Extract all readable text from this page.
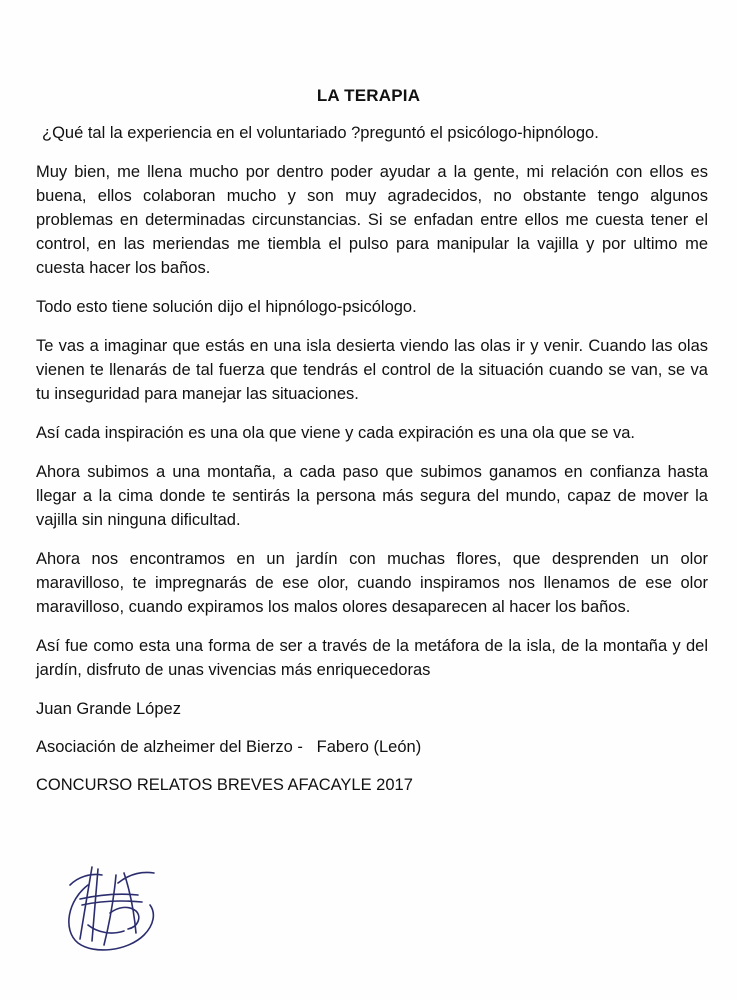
LA TERAPIA

¿Qué tal la experiencia en el voluntariado ?preguntó el psicólogo-hipnólogo.

Muy bien, me llena mucho por dentro poder ayudar a la gente, mi relación con ellos es buena, ellos colaboran mucho y son muy agradecidos, no obstante tengo algunos problemas en determinadas circunstancias. Si se enfadan entre ellos me cuesta tener el control, en las meriendas me tiembla el pulso para manipular la vajilla y por ultimo me cuesta hacer los baños.

Todo esto tiene solución dijo el hipnólogo-psicólogo.

Te vas a imaginar que estás en una isla desierta viendo las olas ir y venir. Cuando las olas vienen te llenarás de tal fuerza que tendrás el control de la situación cuando se van, se va tu inseguridad para manejar las situaciones.

Así cada inspiración es una ola que viene y cada expiración es una ola que se va.

Ahora subimos a una montaña, a cada paso que subimos ganamos en confianza hasta llegar a la cima donde te sentirás la persona más segura del mundo, capaz de mover la vajilla sin ninguna dificultad.

Ahora nos encontramos en un jardín con muchas flores, que desprenden un olor maravilloso, te impregnarás de ese olor, cuando inspiramos nos llenamos de ese olor maravilloso, cuando expiramos los malos olores desaparecen al hacer los baños.

Así fue como esta una forma de ser a través de la metáfora de la isla, de la montaña y del jardín, disfruto de unas vivencias más enriquecedoras

Juan Grande López

Asociación de alzheimer del Bierzo -   Fabero (León)

CONCURSO RELATOS BREVES AFACAYLE 2017
